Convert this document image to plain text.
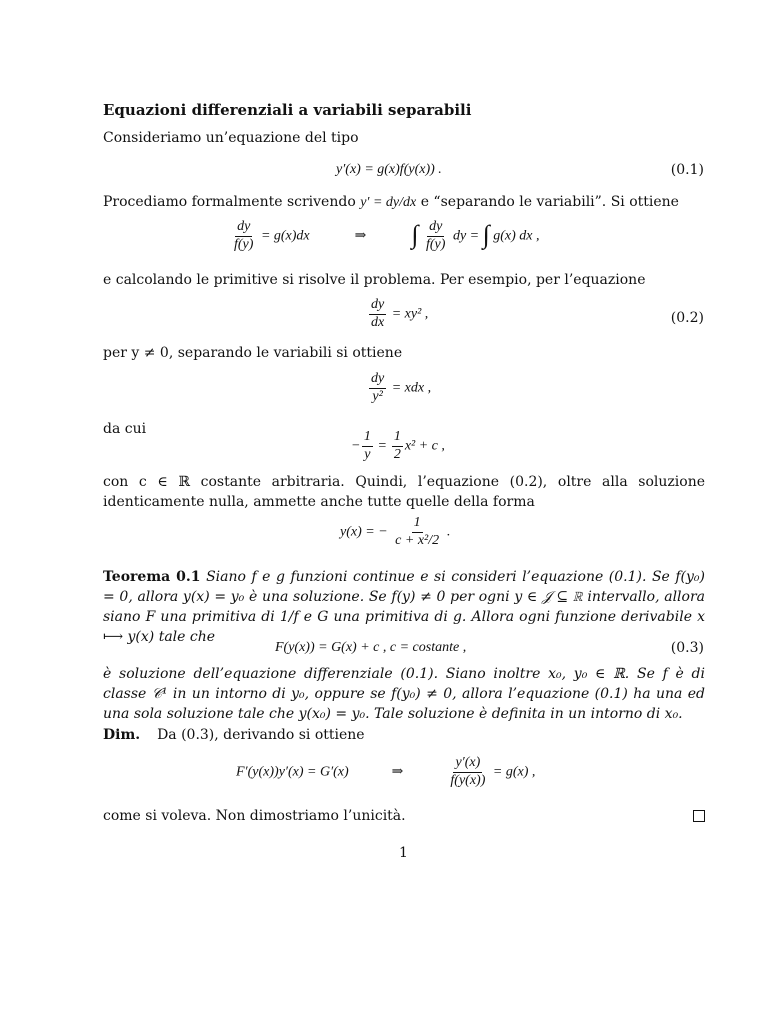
Equazioni differenziali a variabili separabili
Consideriamo un’equazione del tipo
y′(x) = g(x)f(y(x)) .	(0.1)
Procediamo formalmente scrivendo y′ = dy/dx e “separando le variabili”. Si ottiene
$\frac{dy}{f(y)} = g(x)dx$	⇒ ∫ $\frac{dy}{f(y)}$ dy = ∫ g(x) dx ,
e calcolando le primitive si risolve il problema. Per esempio, per l’equazione
$\frac{dy}{dx} = xy^2$ ,	(0.2)
per y ≠ 0, separando le variabili si ottiene
$\frac{dy}{\text{y²}}$ = xdx ,
da cui
− $\frac{1}{y} = \frac{1}{2} x^2 + c$ ,
con c ∈ ℝ costante arbitraria. Quindi, l’equazione (0.2), oltre alla soluzione identicamente nulla, ammette anche tutte quelle della forma
y(x) = − $\frac{1}{\text{c + x²/2}}$ .
Teorema 0.1 Siano f e g funzioni continue e si consideri l’equazione (0.1). Se f(y₀) = 0, allora y(x) = y₀ è una soluzione. Se f(y) ≠ 0 per ogni y ∈ 𝒥 ⊆ ℝ intervallo, allora siano F una primitiva di 1/f e G una primitiva di g. Allora ogni funzione derivabile x ⟼ y(x) tale che
F(y(x)) = G(x) + c , c = costante ,	(0.3)
è soluzione dell’equazione differenziale (0.1). Siano inoltre x₀, y₀ ∈ ℝ. Se f è di classe 𝒞¹ in un intorno di y₀, oppure se f(y₀) ≠ 0, allora l’equazione (0.1) ha una ed una sola soluzione tale che y(x₀) = y₀. Tale soluzione è definita in un intorno di x₀.
Dim. Da (0.3), derivando si ottiene
F′(y(x))y′(x) = G′(x)	⇒	$\frac{y'(x)}{f(y(x))} = g(x)$ ,
come si voleva. Non dimostriamo l’unicità.
1
